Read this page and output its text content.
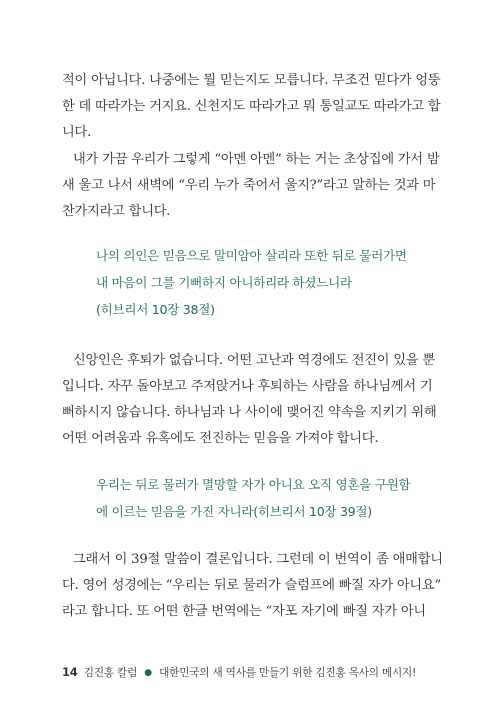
적이 아닙니다. 나중에는 뭘 믿는지도 모릅니다. 무조건 믿다가 엉뚱
한 데 따라가는 거지요. 신천지도 따라가고 뭐 통일교도 따라가고 합
니다.
내가 가끔 우리가 그렇게 “아멘 아멘” 하는 거는 초상집에 가서 밤
새 울고 나서 새벽에 “우리 누가 죽어서 울지?”라고 말하는 것과 마
찬가지라고 합니다.
나의 의인은 믿음으로 말미암아 살리라 또한 뒤로 물러가면
내 마음이 그를 기뻐하지 아니하리라 하셨느니라
(히브리서 10장 38절)
신앙인은 후퇴가 없습니다. 어떤 고난과 역경에도 전진이 있을 뿐
입니다. 자꾸 돌아보고 주저앉거나 후퇴하는 사람을 하나님께서 기
뻐하시지 않습니다. 하나님과 나 사이에 맺어진 약속을 지키기 위해
어떤 어려움과 유혹에도 전진하는 믿음을 가져야 합니다.
우리는 뒤로 물러가 멸망할 자가 아니요 오직 영혼을 구원함
에 이르는 믿음을 가진 자니라(히브리서 10장 39절)
그래서 이 39절 말씀이 결론입니다. 그런데 이 번역이 좀 애매합니
다. 영어 성경에는 “우리는 뒤로 물러가 슬럼프에 빠질 자가 아니요”
라고 합니다. 또 어떤 한글 번역에는 “자포 자기에 빠질 자가 아니
14 김진홍 칼럼 ● 대한민국의 새 역사를 만들기 위한 김진홍 목사의 메시지!
